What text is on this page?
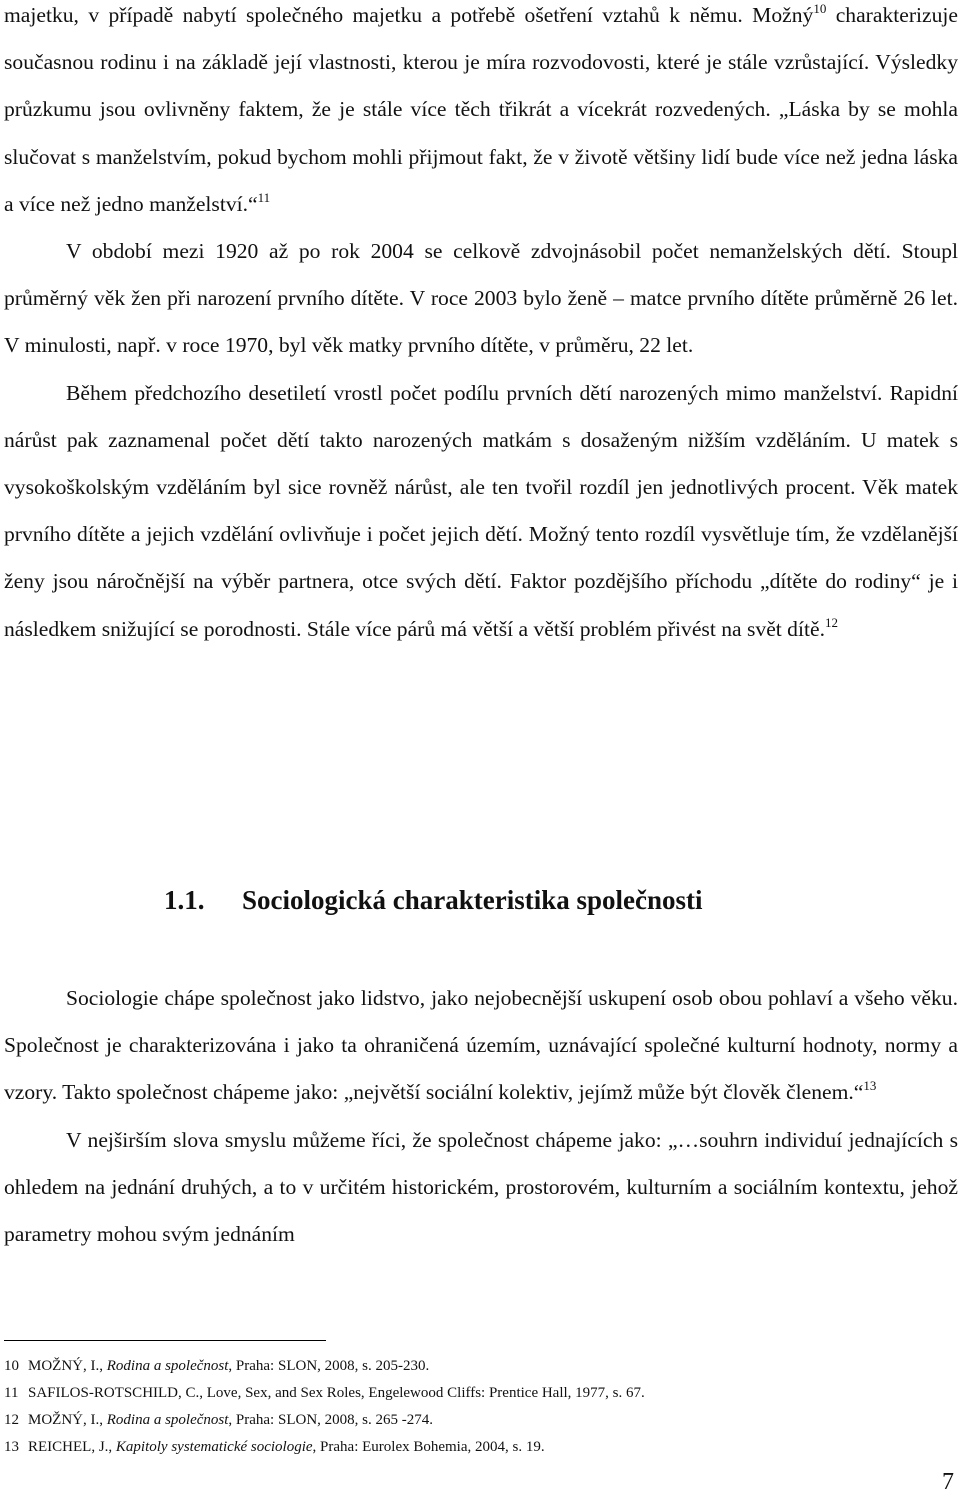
majetku, v případě nabytí společného majetku a potřebě ošetření vztahů k němu. Možný$^{10}$ charakterizuje současnou rodinu i na základě její vlastnosti, kterou je míra rozvodovosti, které je stále vzrůstající. Výsledky průzkumu jsou ovlivněny faktem, že je stále více těch třikrát a vícekrát rozvedených. „Láska by se mohla slučovat s manželstvím, pokud bychom mohli přijmout fakt, že v životě většiny lidí bude více než jedna láska a více než jedno manželství.“$^{11}$

V období mezi 1920 až po rok 2004 se celkově zdvojnásobil počet nemanželských dětí. Stoupl průměrný věk žen při narození prvního dítěte. V roce 2003 bylo ženě – matce prvního dítěte průměrně 26 let. V minulosti, např. v roce 1970, byl věk matky prvního dítěte, v průměru, 22 let.

Během předchozího desetiletí vrostl počet podílu prvních dětí narozených mimo manželství. Rapidní nárůst pak zaznamenal počet dětí takto narozených matkám s dosaženým nižším vzděláním. U matek s vysokoškolským vzděláním byl sice rovněž nárůst, ale ten tvořil rozdíl jen jednotlivých procent. Věk matek prvního dítěte a jejich vzdělání ovlivňuje i počet jejich dětí. Možný tento rozdíl vysvětluje tím, že vzdělanější ženy jsou náročnější na výběr partnera, otce svých dětí. Faktor pozdějšího příchodu „dítěte do rodiny“ je i následkem snižující se porodnosti. Stále více párů má větší a větší problém přivést na svět dítě.$^{12}$

1.1. Sociologická charakteristika společnosti

Sociologie chápe společnost jako lidstvo, jako nejobecnější uskupení osob obou pohlaví a všeho věku. Společnost je charakterizována i jako ta ohraničená územím, uznávající společné kulturní hodnoty, normy a vzory. Takto společnost chápeme jako: „největší sociální kolektiv, jejímž může být člověk členem.“$^{13}$

V nejširším slova smyslu můžeme říci, že společnost chápeme jako: „…souhrn individuí jednajících s ohledem na jednání druhých, a to v určitém historickém, prostorovém, kulturním a sociálním kontextu, jehož parametry mohou svým jednáním

10 MOŽNÝ, I., Rodina a společnost, Praha: SLON, 2008, s. 205-230.
11 SAFILOS-ROTSCHILD, C., Love, Sex, and Sex Roles, Engelewood Cliffs: Prentice Hall, 1977, s. 67.
12 MOŽNÝ, I., Rodina a společnost, Praha: SLON, 2008, s. 265 -274.
13 REICHEL, J., Kapitoly systematické sociologie, Praha: Eurolex Bohemia, 2004, s. 19.
7
